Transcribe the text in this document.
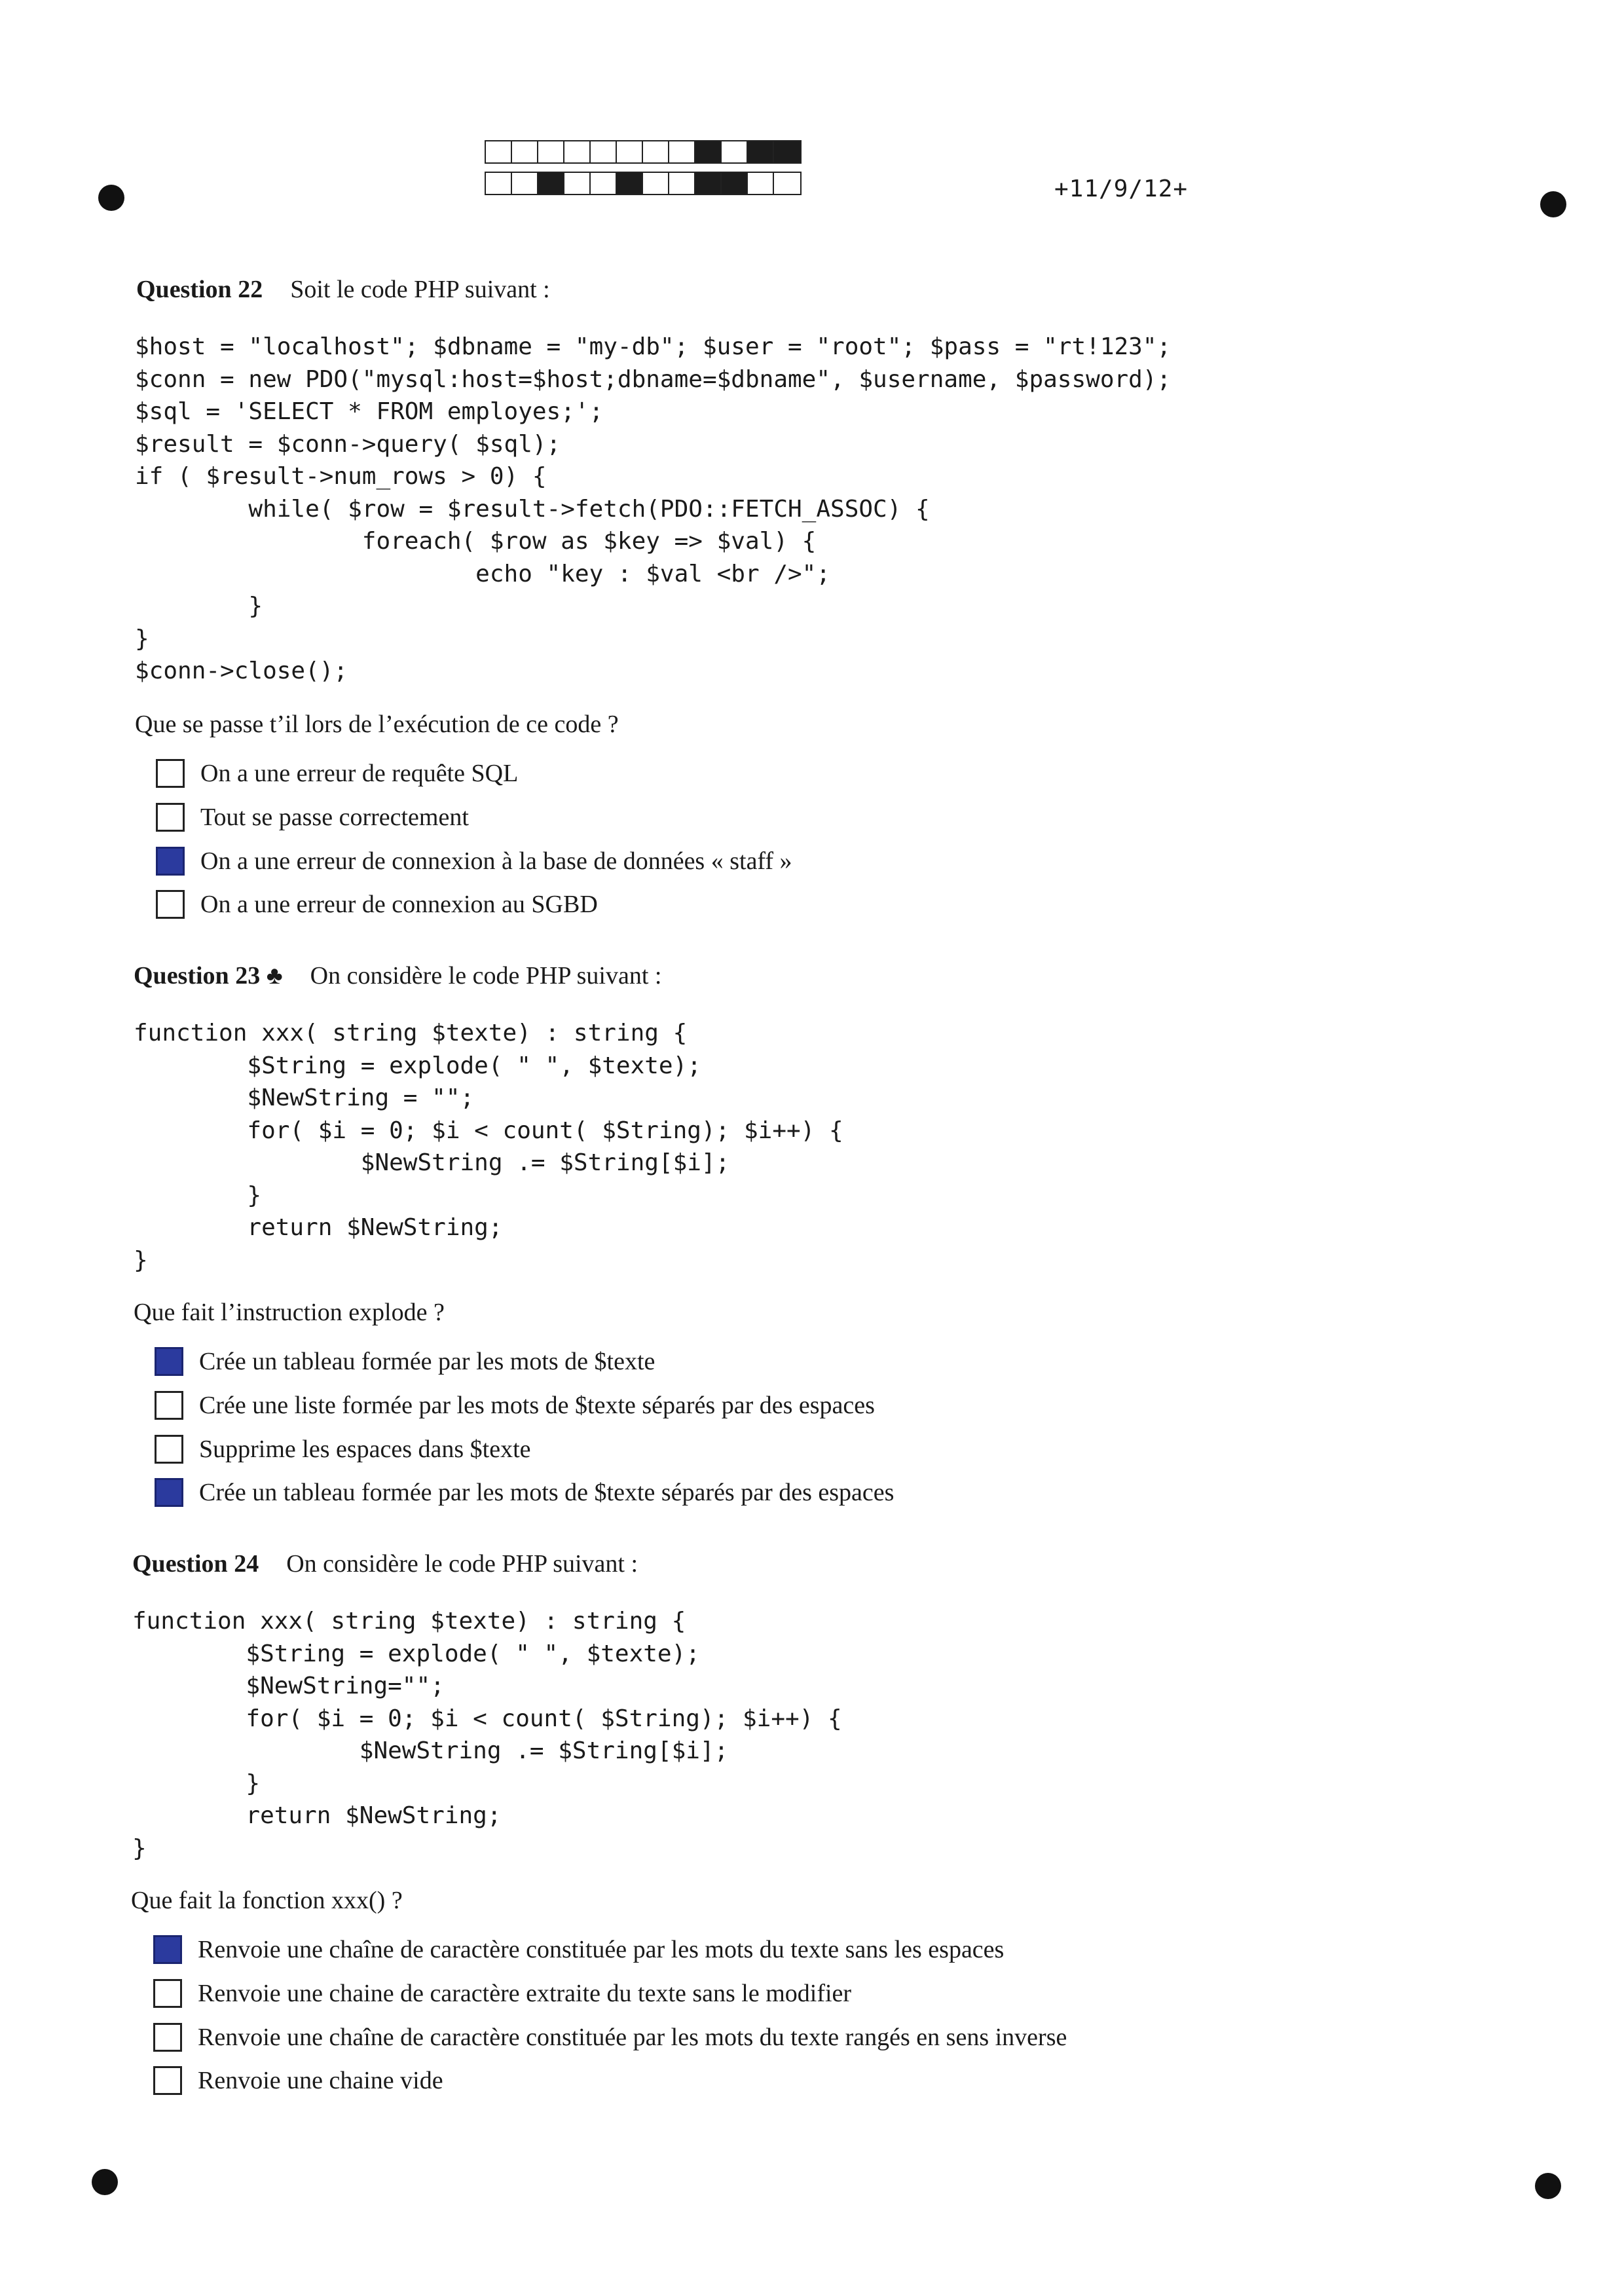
+11/9/12+
Question 22 Soit le code PHP suivant :
$host = "localhost"; $dbname = "my-db"; $user = "root"; $pass = "rt!123";
$conn = new PDO("mysql:host=$host;dbname=$dbname", $username, $password);
$sql = 'SELECT * FROM employes;';
$result = $conn->query( $sql);
if ( $result->num_rows > 0) {
while( $row = $result->fetch(PDO::FETCH_ASSOC) {
foreach( $row as $key => $val) {
echo "key : $val <br />";
}
}
$conn->close();
Que se passe t’il lors de l’exécution de ce code ?
On a une erreur de requête SQL
Tout se passe correctement
On a une erreur de connexion à la base de données « staff »
On a une erreur de connexion au SGBD
Question 23 ♣ On considère le code PHP suivant :
function xxx( string $texte) : string {
$String = explode( " ", $texte);
$NewString = "";
for( $i = 0; $i < count( $String); $i++) {
$NewString .= $String[$i];
}
return $NewString;
}
Que fait l’instruction explode ?
Crée un tableau formée par les mots de $texte
Crée une liste formée par les mots de $texte séparés par des espaces
Supprime les espaces dans $texte
Crée un tableau formée par les mots de $texte séparés par des espaces
Question 24 On considère le code PHP suivant :
function xxx( string $texte) : string {
$String = explode( " ", $texte);
$NewString="";
for( $i = 0; $i < count( $String); $i++) {
$NewString .= $String[$i];
}
return $NewString;
}
Que fait la fonction xxx() ?
Renvoie une chaîne de caractère constituée par les mots du texte sans les espaces
Renvoie une chaine de caractère extraite du texte sans le modifier
Renvoie une chaîne de caractère constituée par les mots du texte rangés en sens inverse
Renvoie une chaine vide
